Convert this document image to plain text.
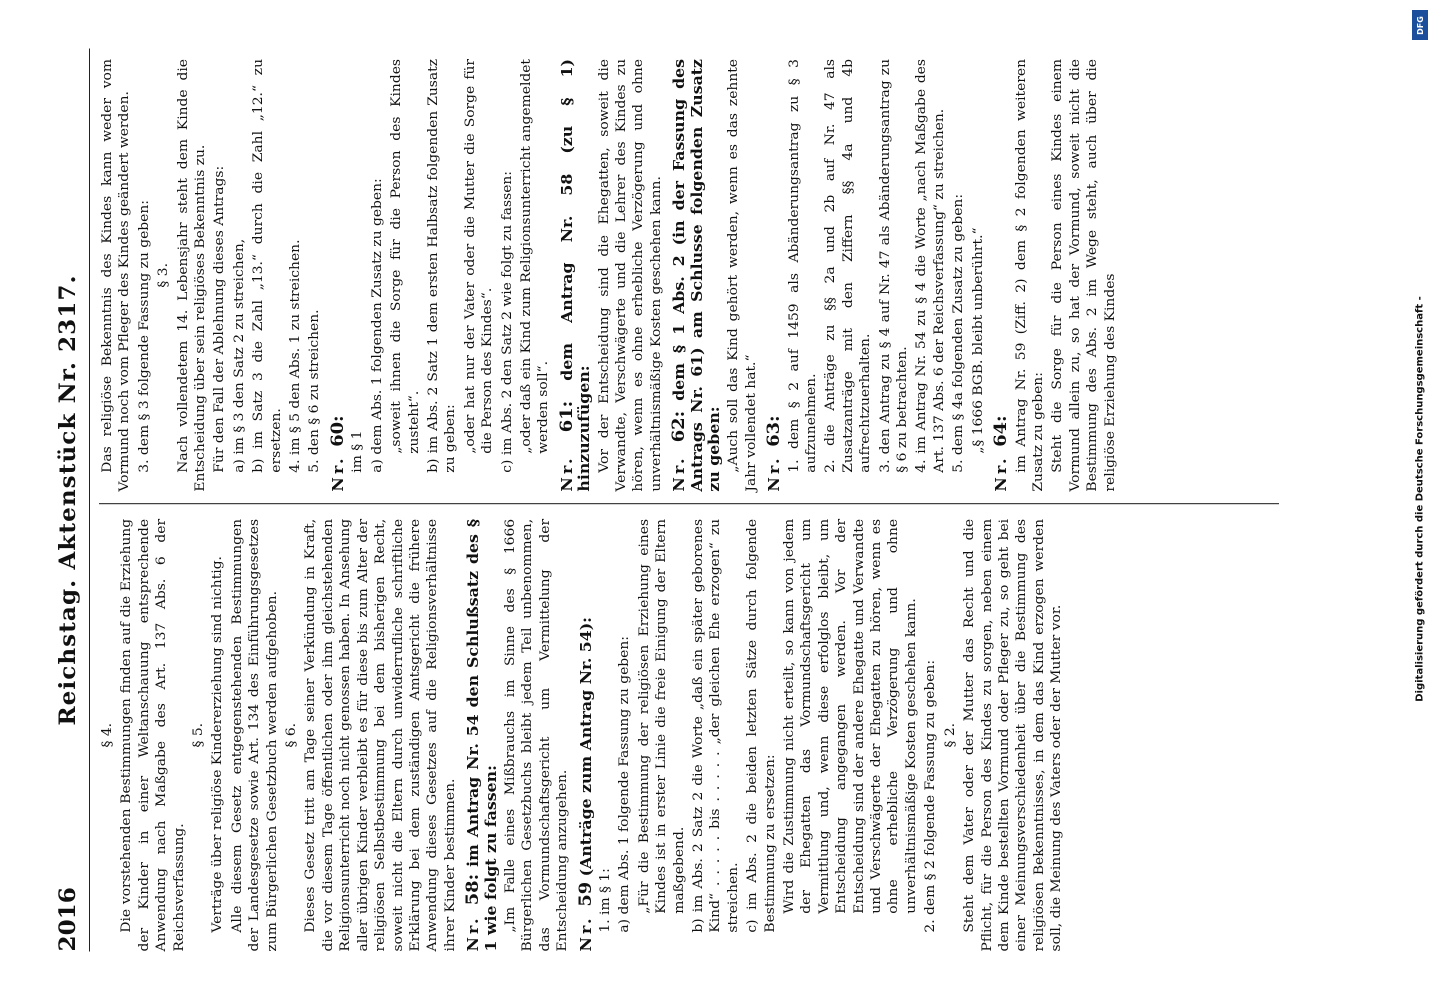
2016
Reichstag. Aktenstück Nr. 2317.

§ 4. Die vorstehenden Bestimmungen finden auf die Erziehung der Kinder in einer Weltanschauung entsprechende Anwendung nach Maßgabe des Art. 137 Abs. 6 der Reichsverfassung.

§ 5. Verträge über religiöse Kindererziehung sind nichtig. Alle diesem Gesetz entgegenstehenden Bestimmungen der Landesgesetze sowie Art. 134 des Einführungsgesetzes zum Bürgerlichen Gesetzbuch werden aufgehoben. § 6. Dieses Gesetz tritt am Tage seiner Verkündung in Kraft, die vor diesem Tage öffentlichen oder ihm gleichstehenden Religionsunterricht noch nicht genossen haben. In Ansehung aller übrigen Kinder verbleibt es für diese bis zum Alter der religiösen Selbstbestimmung bei dem bisherigen Recht, soweit nicht die Eltern durch unwiderrufliche schriftliche Erklärung bei dem zuständigen Amtsgericht die frühere Anwendung dieses Gesetzes auf die Religionsverhältnisse ihrer Kinder bestimmen. Nr. 58: im Antrag Nr. 54 den Schlußsatz des § 1 wie folgt zu fassen: „Im Falle eines Mißbrauchs im Sinne des § 1666 Bürgerlichen Gesetzbuchs bleibt jedem Teil unbenommen, das Vormundschaftsgericht um Vermittelung der Entscheidung anzugehen. Nr. 59 (Anträge zum Antrag Nr. 54):

1. im § 1: a) dem Abs. 1 folgende Fassung zu geben: „Für die Bestimmung der religiösen Erziehung eines Kindes ist in erster Linie die freie Einigung der Eltern maßgebend. b) im Abs. 2 Satz 2 die Worte „daß ein später geborenes Kind“ . . . . . bis . . . . . „der gleichen Ehe erzogen“ zu streichen. c) im Abs. 2 die beiden letzten Sätze durch folgende Bestimmung zu ersetzen: Wird die Zustimmung nicht erteilt, so kann von jedem der Ehegatten das Vormundschaftsgericht um Vermittlung und, wenn diese erfolglos bleibt, um Entscheidung angegangen werden. Vor der Entscheidung sind der andere Ehegatte und Verwandte und Verschwägerte der Ehegatten zu hören, wenn es ohne erhebliche Verzögerung und ohne unverhältnismäßige Kosten geschehen kann. 2. dem § 2 folgende Fassung zu geben: § 2. Steht dem Vater oder der Mutter das Recht und die Pflicht, für die Person des Kindes zu sorgen, neben einem dem Kinde bestellten Vormund oder Pfleger zu, so geht bei einer Meinungsverschiedenheit über die Bestimmung des religiösen Bekenntnisses, in dem das Kind erzogen werden soll, die Meinung des Vaters oder der Mutter vor.

Das religiöse Bekenntnis des Kindes kann weder vom Vormund noch vom Pfleger des Kindes geändert werden. 3. dem § 3 folgende Fassung zu geben: § 3. Nach vollendetem 14. Lebensjahr steht dem Kinde die Entscheidung über sein religiöses Bekenntnis zu. Für den Fall der Ablehnung dieses Antrags: a) im § 3 den Satz 2 zu streichen, b) im Satz 3 die Zahl „13.“ durch die Zahl „12.“ zu ersetzen. 4. im § 5 den Abs. 1 zu streichen. 5. den § 6 zu streichen. Nr. 60: im § 1 a) dem Abs. 1 folgenden Zusatz zu geben: „soweit ihnen die Sorge für die Person des Kindes zusteht“. b) im Abs. 2 Satz 1 dem ersten Halbsatz folgenden Zusatz zu geben: „oder hat nur der Vater oder die Mutter die Sorge für die Person des Kindes“. c) im Abs. 2 den Satz 2 wie folgt zu fassen: „oder daß ein Kind zum Religionsunterricht angemeldet werden soll“.

Nr. 61: dem Antrag Nr. 58 (zu § 1) hinzuzufügen: Vor der Entscheidung sind die Ehegatten, soweit die Verwandte, Verschwägerte und die Lehrer des Kindes zu hören, wenn es ohne erhebliche Verzögerung und ohne unverhältnismäßige Kosten geschehen kann. Nr. 62: dem § 1 Abs. 2 (in der Fassung des Antrags Nr. 61) am Schlusse folgenden Zusatz zu geben: „Auch soll das Kind gehört werden, wenn es das zehnte Jahr vollendet hat.“ Nr. 63: 1. dem § 2 auf 1459 als Abänderungsantrag zu § 3 aufzunehmen. 2. die Anträge zu §§ 2a und 2b auf Nr. 47 als Zusatzanträge mit den Ziffern §§ 4a und 4b aufrechtzuerhalten. 3. den Antrag zu § 4 auf Nr. 47 als Abänderungsantrag zu § 6 zu betrachten. 4. im Antrag Nr. 54 zu § 4 die Worte „nach Maßgabe des Art. 137 Abs. 6 der Reichsverfassung“ zu streichen. 5. dem § 4a folgenden Zusatz zu geben: „§ 1666 BGB. bleibt unberührt.“

Nr. 64: im Antrag Nr. 59 (Ziff. 2) dem § 2 folgenden weiteren Zusatz zu geben: Steht die Sorge für die Person eines Kindes einem Vormund allein zu, so hat der Vormund, soweit nicht die Bestimmung des Abs. 2 im Wege steht, auch über die religiöse Erziehung des Kindes

DFG
Digitalisierung gefördert durch die Deutsche Forschungsgemeinschaft -
